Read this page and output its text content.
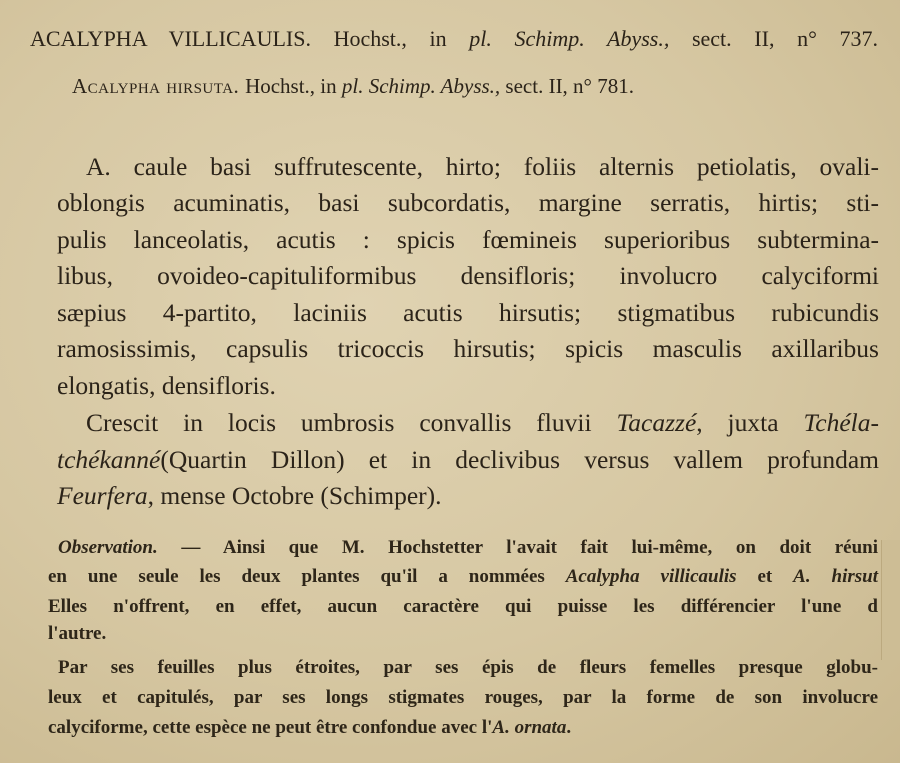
ACALYPHA VILLICAULIS. Hochst., in pl. Schimp. Abyss., sect. II, n° 737.
Acalypha hirsuta. Hochst., in pl. Schimp. Abyss., sect. II, n° 781.
A. caule basi suffrutescente, hirto; foliis alternis petiolatis, ovali-
oblongis acuminatis, basi subcordatis, margine serratis, hirtis; sti-
pulis lanceolatis, acutis : spicis fœmineis superioribus subtermina-
libus, ovoideo-capituliformibus densifloris; involucro calyciformi
sæpius 4-partito, laciniis acutis hirsutis; stigmatibus rubicundis
ramosissimis, capsulis tricoccis hirsutis; spicis masculis axillaribus
elongatis, densifloris.
Crescit in locis umbrosis convallis fluvii Tacazzé, juxta Tchéla-
tchékanné(Quartin Dillon) et in declivibus versus vallem profundam
Feurfera, mense Octobre (Schimper).
Observation. — Ainsi que M. Hochstetter l'avait fait lui-même, on doit réuni
en une seule les deux plantes qu'il a nommées Acalypha villicaulis et A. hirsut
Elles n'offrent, en effet, aucun caractère qui puisse les différencier l'une d
l'autre.
Par ses feuilles plus étroites, par ses épis de fleurs femelles presque globu-
leux et capitulés, par ses longs stigmates rouges, par la forme de son involucre
calyciforme, cette espèce ne peut être confondue avec l'A. ornata.
